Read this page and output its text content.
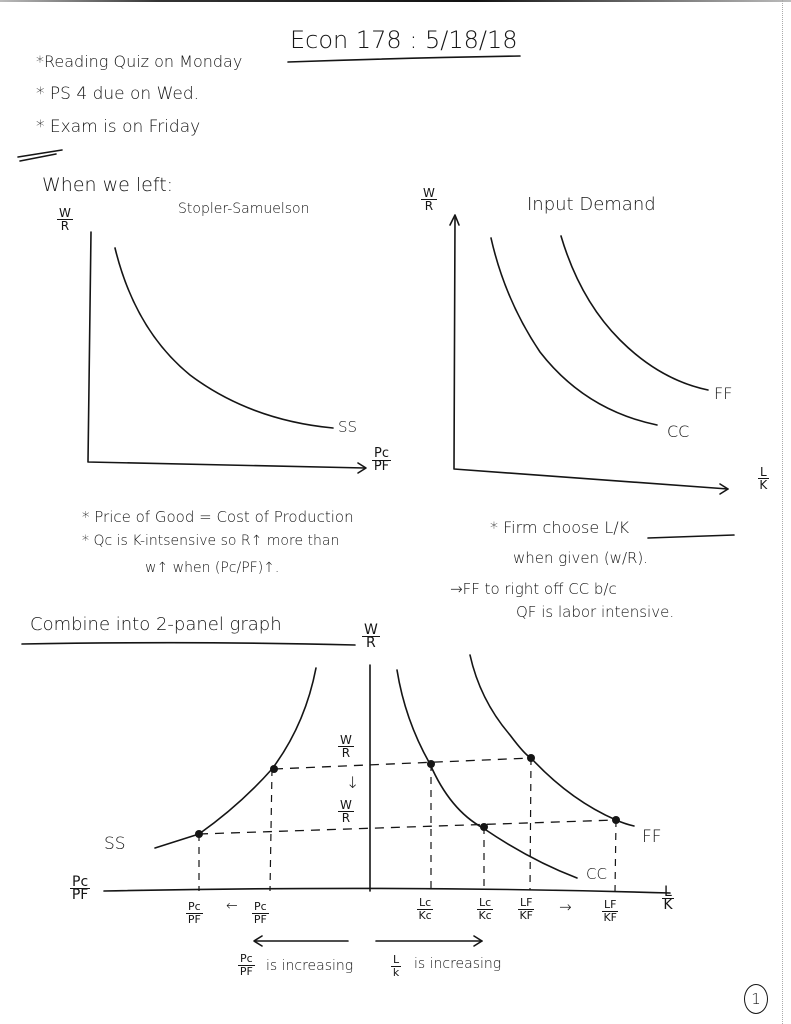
Econ 178 : 5/18/18
*Reading Quiz on Monday
* PS 4 due on Wed.
* Exam is on Friday
When we left:
$\frac{W}{R}$	Stopler-Samuelson
SS
$\frac{Pc}{PF}$
$\frac{W}{R}$	Input Demand
FF
CC
$\frac{L}{K}$
* Price of Good = Cost of Production
* Qc is K-intsensive so R↑ more than
w↑ when (Pc/PF)↑.
* Firm choose L/K
when given (w/R).
→FF to right off CC b/c
QF is labor intensive.
Combine into 2-panel graph	$\frac{W}{R}$
$\frac{W}{R}$
↓
$\frac{W}{R}$
SS
CC
FF
$\frac{Pc}{PF}$	$\frac{L}{K}$
$\frac{Pc}{PF}$ ← $\frac{Pc}{PF}$	$\frac{Lc}{Kc}$	$\frac{Lc}{Kc} \frac{LF}{KF}$ →	$\frac{LF}{KF}$
$\frac{Pc}{PF}$ is increasing	$\frac{L}{k}$ is increasing
1
